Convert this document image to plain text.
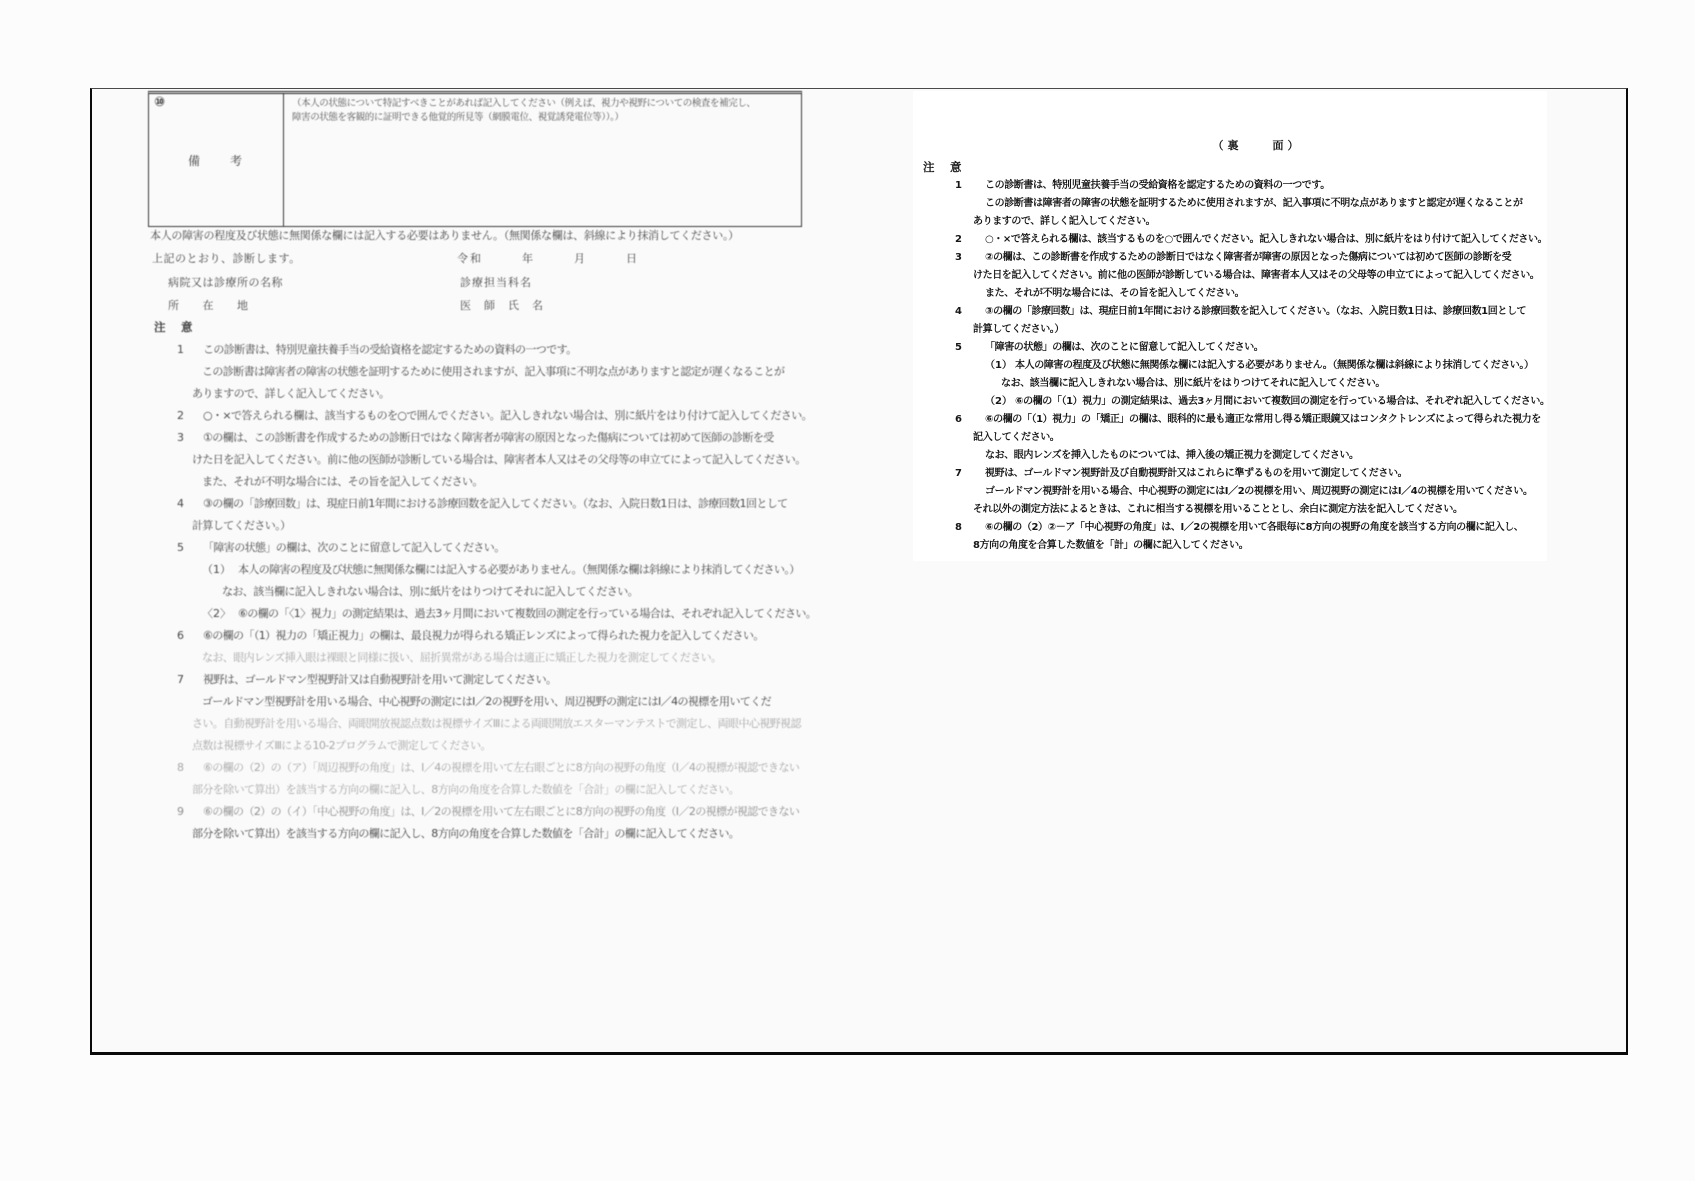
⑩
備　　考
（本人の状態について特記すべきことがあれば記入してください（例えば、視力や視野についての検査を補完し、
障害の状態を客観的に証明できる他覚的所見等（網膜電位、視覚誘発電位等））。）
本人の障害の程度及び状態に無関係な欄には記入する必要はありません。（無関係な欄は、斜線により抹消してください。）
上記のとおり、診断します。	令和　　　年　　　月　　　日
病院又は診療所の名称	診療担当科名
所　　在　　地	医　師　氏　名
注　意
1 この診断書は、特別児童扶養手当の受給資格を認定するための資料の一つです。
この診断書は障害者の障害の状態を証明するために使用されますが、記入事項に不明な点がありますと認定が遅くなることが
ありますので、詳しく記入してください。
2 ○・×で答えられる欄は、該当するものを○で囲んでください。記入しきれない場合は、別に紙片をはり付けて記入してください。
3 ①の欄は、この診断書を作成するための診断日ではなく障害者が障害の原因となった傷病については初めて医師の診断を受
けた日を記入してください。前に他の医師が診断している場合は、障害者本人又はその父母等の申立てによって記入してください。
また、それが不明な場合には、その旨を記入してください。
4 ③の欄の「診療回数」は、現症日前1年間における診療回数を記入してください。（なお、入院日数1日は、診療回数1回として
計算してください。）
5 「障害の状態」の欄は、次のことに留意して記入してください。
（1） 本人の障害の程度及び状態に無関係な欄には記入する必要がありません。（無関係な欄は斜線により抹消してください。）
なお、該当欄に記入しきれない場合は、別に紙片をはりつけてそれに記入してください。
〈2〉 ⑥の欄の「〈1〉視力」の測定結果は、過去3ヶ月間において複数回の測定を行っている場合は、それぞれ記入してください。
6 ⑥の欄の「（1）視力の「矯正視力」の欄は、最良視力が得られる矯正レンズによって得られた視力を記入してください。
なお、眼内レンズ挿入眼は裸眼と同様に扱い、屈折異常がある場合は適正に矯正した視力を測定してください。
7 視野は、ゴールドマン型視野計又は自動視野計を用いて測定してください。
ゴールドマン型視野計を用いる場合、中心視野の測定にはⅠ／2の視野を用い、周辺視野の測定にはⅠ／4の視標を用いてくだ
さい。自動視野計を用いる場合、両眼開放視認点数は視標サイズⅢによる両眼開放エスターマンテストで測定し、両眼中心視野視認
点数は視標サイズⅢによる10-2プログラムで測定してください。
8 ⑥の欄の（2）の（ア）「周辺視野の角度」は、Ⅰ／4の視標を用いて左右眼ごとに8方向の視野の角度（Ⅰ／4の視標が視認できない
部分を除いて算出）を該当する方向の欄に記入し、8方向の角度を合算した数値を「合計」の欄に記入してください。
9 ⑥の欄の（2）の（イ）「中心視野の角度」は、Ⅰ／2の視標を用いて左右眼ごとに8方向の視野の角度（Ⅰ／2の視標が視認できない
部分を除いて算出）を該当する方向の欄に記入し、8方向の角度を合算した数値を「合計」の欄に記入してください。
（裏　　面）
注　意
1 この診断書は、特別児童扶養手当の受給資格を認定するための資料の一つです。
この診断書は障害者の障害の状態を証明するために使用されますが、記入事項に不明な点がありますと認定が遅くなることが
ありますので、詳しく記入してください。
2 ○・×で答えられる欄は、該当するものを○で囲んでください。記入しきれない場合は、別に紙片をはり付けて記入してください。
3 ②の欄は、この診断書を作成するための診断日ではなく障害者が障害の原因となった傷病については初めて医師の診断を受
けた日を記入してください。前に他の医師が診断している場合は、障害者本人又はその父母等の申立てによって記入してください。
また、それが不明な場合には、その旨を記入してください。
4 ③の欄の「診療回数」は、現症日前1年間における診療回数を記入してください。（なお、入院日数1日は、診療回数1回として
計算してください。）
5 「障害の状態」の欄は、次のことに留意して記入してください。
（1） 本人の障害の程度及び状態に無関係な欄には記入する必要がありません。（無関係な欄は斜線により抹消してください。）
なお、該当欄に記入しきれない場合は、別に紙片をはりつけてそれに記入してください。
（2） ⑥の欄の「（1）視力」の測定結果は、過去3ヶ月間において複数回の測定を行っている場合は、それぞれ記入してください。
6 ⑥の欄の「（1）視力」の「矯正」の欄は、眼科的に最も適正な常用し得る矯正眼鏡又はコンタクトレンズによって得られた視力を
記入してください。
なお、眼内レンズを挿入したものについては、挿入後の矯正視力を測定してください。
7 視野は、ゴールドマン視野計及び自動視野計又はこれらに準ずるものを用いて測定してください。
ゴールドマン視野計を用いる場合、中心視野の測定にはⅠ／2の視標を用い、周辺視野の測定にはⅠ／4の視標を用いてください。
それ以外の測定方法によるときは、これに相当する視標を用いることとし、余白に測定方法を記入してください。
8 ⑥の欄の（2）②－ア「中心視野の角度」は、Ⅰ／2の視標を用いて各眼毎に8方向の視野の角度を該当する方向の欄に記入し、
8方向の角度を合算した数値を「計」の欄に記入してください。
